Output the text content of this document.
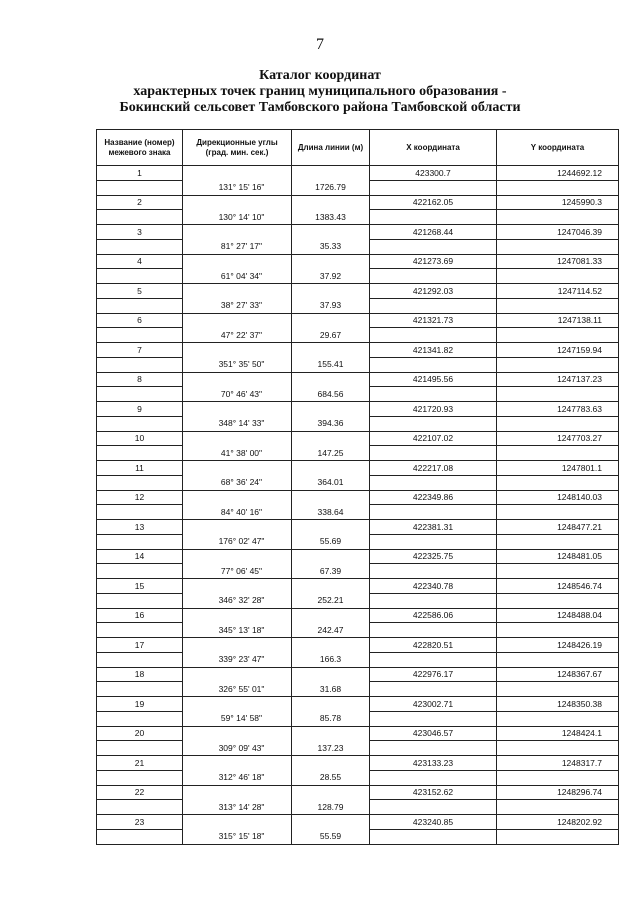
7
Каталог координат
характерных точек границ муниципального образования -
Бокинский сельсовет Тамбовского района Тамбовской области
Название (номер) межевого знака	Дирекционные углы (град. мин. сек.)	Длина линии (м)	X координата	Y координата
1			423300.7	1244692.12
	131° 15' 16"	1726.79		
2			422162.05	1245990.3
	130° 14' 10"	1383.43		
3			421268.44	1247046.39
	81° 27' 17"	35.33		
4			421273.69	1247081.33
	61° 04' 34"	37.92		
5			421292.03	1247114.52
	38° 27' 33"	37.93		
6			421321.73	1247138.11
	47° 22' 37"	29.67		
7			421341.82	1247159.94
	351° 35' 50"	155.41		
8			421495.56	1247137.23
	70° 46' 43"	684.56		
9			421720.93	1247783.63
	348° 14' 33"	394.36		
10			422107.02	1247703.27
	41° 38' 00"	147.25		
11			422217.08	1247801.1
	68° 36' 24"	364.01		
12			422349.86	1248140.03
	84° 40' 16"	338.64		
13			422381.31	1248477.21
	176° 02' 47"	55.69		
14			422325.75	1248481.05
	77° 06' 45"	67.39		
15			422340.78	1248546.74
	346° 32' 28"	252.21		
16			422586.06	1248488.04
	345° 13' 18"	242.47		
17			422820.51	1248426.19
	339° 23' 47"	166.3		
18			422976.17	1248367.67
	326° 55' 01"	31.68		
19			423002.71	1248350.38
	59° 14' 58"	85.78		
20			423046.57	1248424.1
	309° 09' 43"	137.23		
21			423133.23	1248317.7
	312° 46' 18"	28.55		
22			423152.62	1248296.74
	313° 14' 28"	128.79		
23			423240.85	1248202.92
	315° 15' 18"	55.59		
